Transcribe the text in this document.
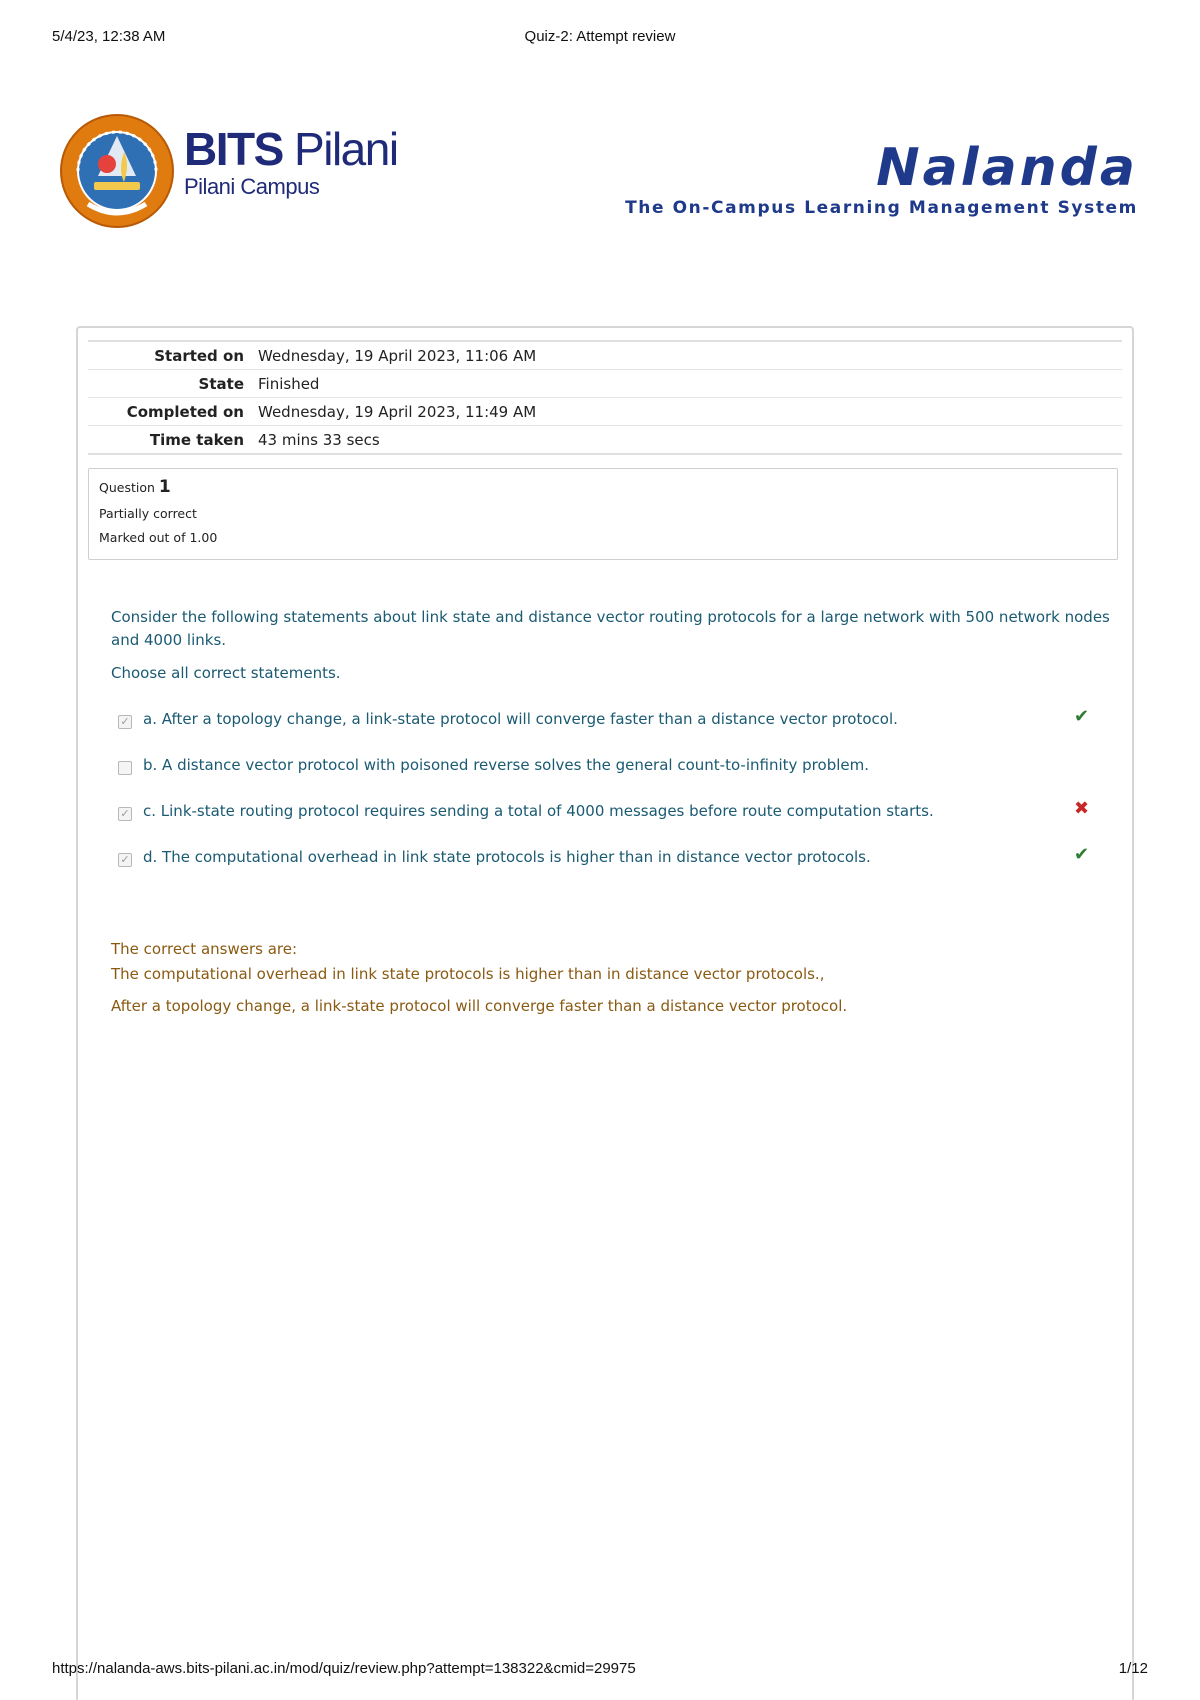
5/4/23, 12:38 AM	Quiz-2: Attempt review
BITS Pilani
Pilani Campus	Nalanda
The On-Campus Learning Management System
Started on	Wednesday, 19 April 2023, 11:06 AM
State	Finished
Completed on	Wednesday, 19 April 2023, 11:49 AM
Time taken	43 mins 33 secs
Question 1
Partially correct
Marked out of 1.00

Consider the following statements about link state and distance vector routing protocols for a large network with 500 network nodes and 4000 links.

Choose all correct statements.

✓ a. After a topology change, a link-state protocol will converge faster than a distance vector protocol.	✔
b. A distance vector protocol with poisoned reverse solves the general count-to-infinity problem.
✓ c. Link-state routing protocol requires sending a total of 4000 messages before route computation starts.	✖
✓ d. The computational overhead in link state protocols is higher than in distance vector protocols.	✔

The correct answers are:

The computational overhead in link state protocols is higher than in distance vector protocols.,

After a topology change, a link-state protocol will converge faster than a distance vector protocol.

https://nalanda-aws.bits-pilani.ac.in/mod/quiz/review.php?attempt=138322&cmid=29975	1/12
